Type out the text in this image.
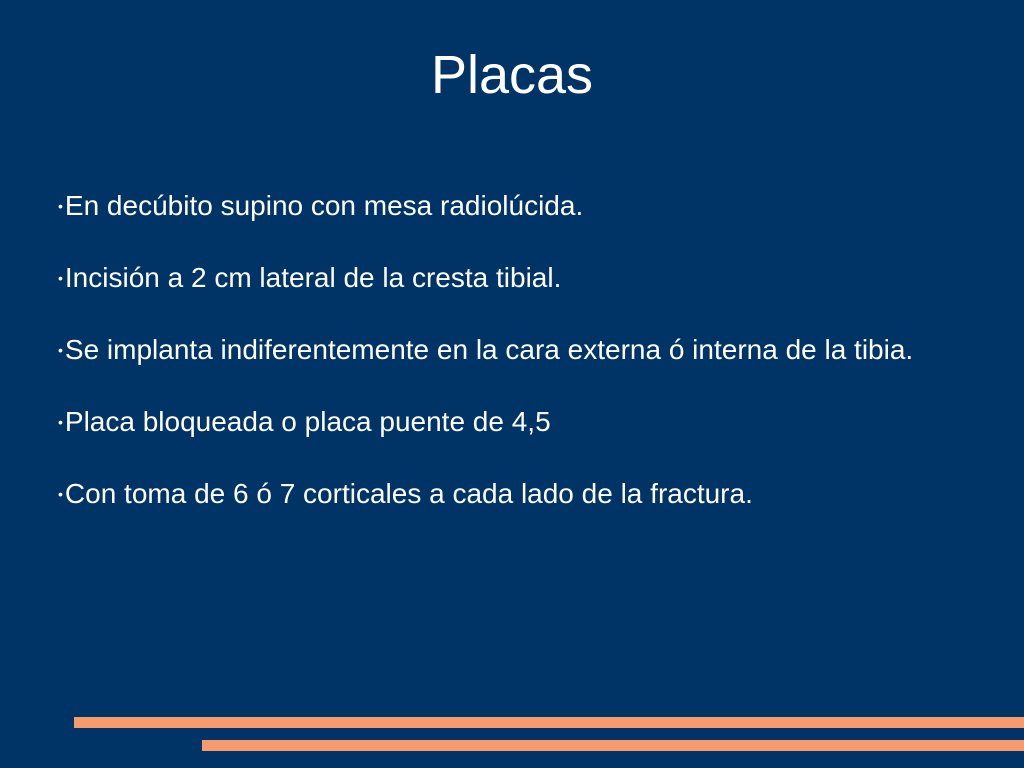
Placas
•En decúbito supino con mesa radiolúcida.
•Incisión a 2 cm lateral de la cresta tibial.
•Se implanta indiferentemente en la cara externa ó interna de la tibia.
•Placa bloqueada o placa puente de 4,5
•Con toma de 6 ó 7 corticales a cada lado de la fractura.
